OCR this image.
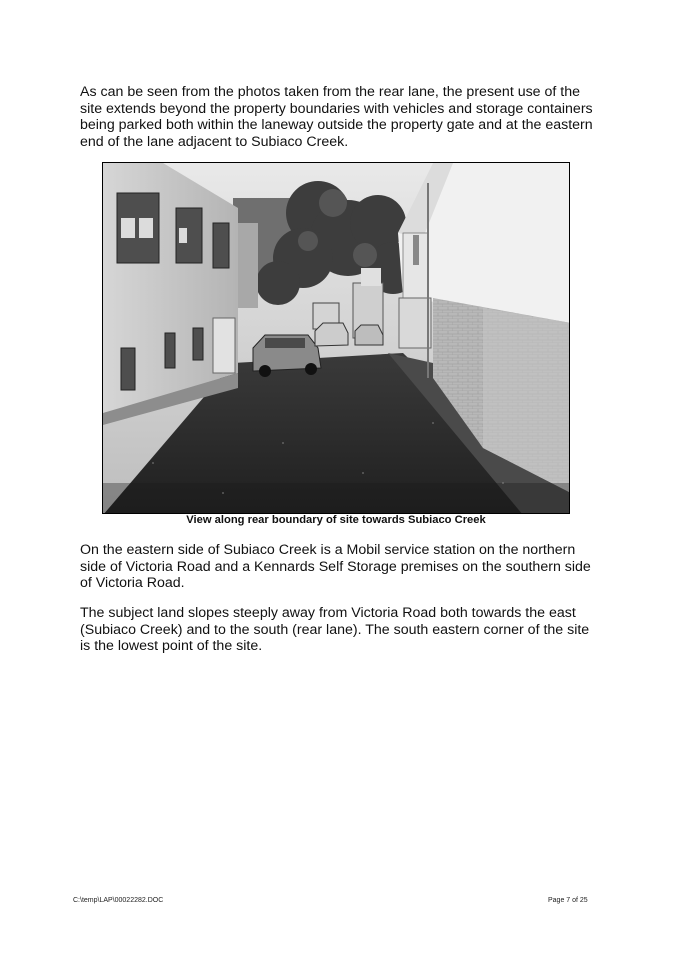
As can be seen from the photos taken from the rear lane, the present use of the site extends beyond the property boundaries with vehicles and storage containers being parked both within the laneway outside the property gate and at the eastern end of the lane adjacent to Subiaco Creek.

View along rear boundary of site towards Subiaco Creek

On the eastern side of Subiaco Creek is a Mobil service station on the northern side of Victoria Road and a Kennards Self Storage premises on the southern side of Victoria Road.

The subject land slopes steeply away from Victoria Road both towards the east (Subiaco Creek) and to the south (rear lane). The south eastern corner of the site is the lowest point of the site.

C:\temp\LAP\00022282.DOC	Page 7 of 25
